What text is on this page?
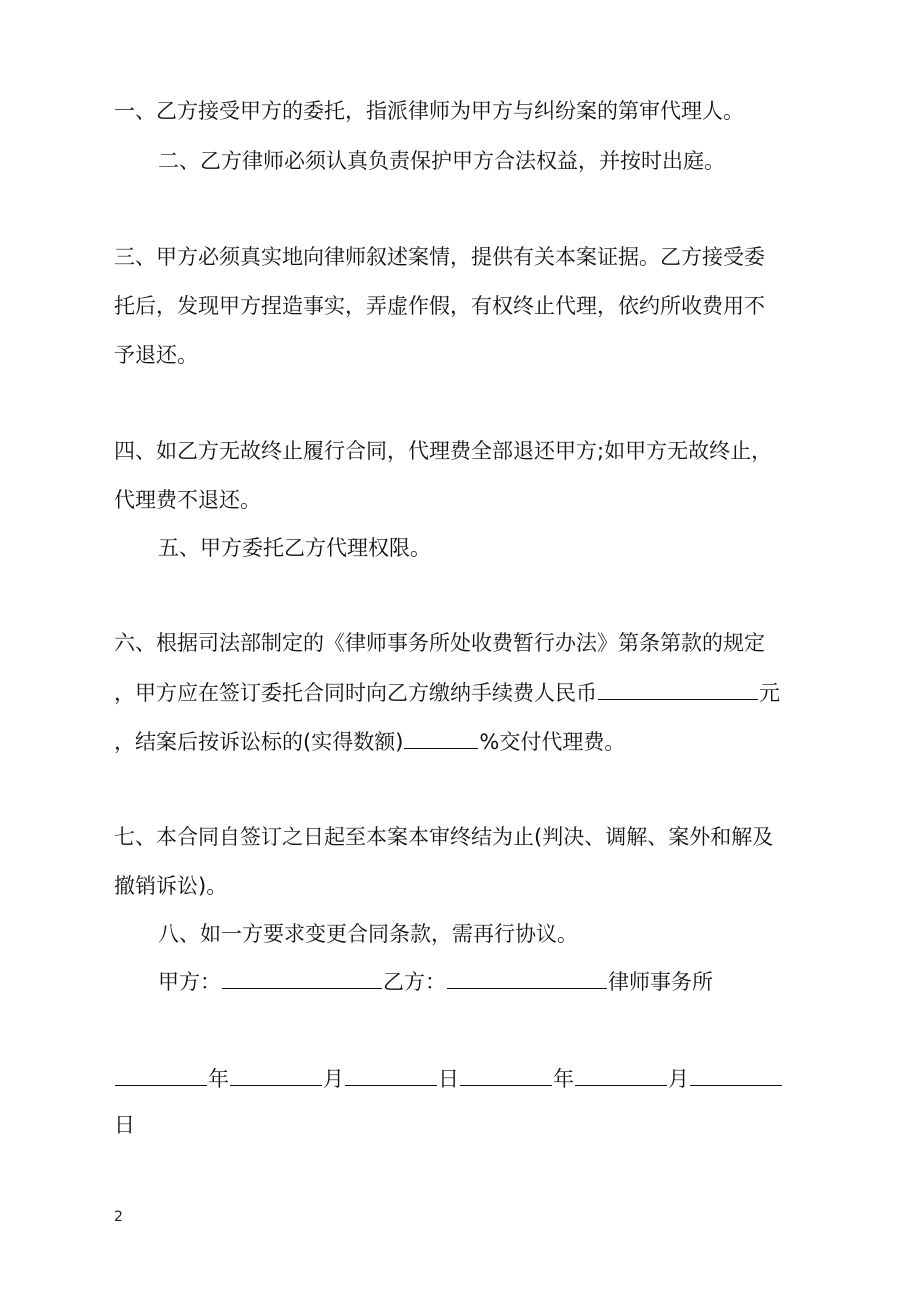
一、乙方接受甲方的委托，指派律师为甲方与纠纷案的第审代理人。
二、乙方律师必须认真负责保护甲方合法权益，并按时出庭。
三、甲方必须真实地向律师叙述案情，提供有关本案证据。乙方接受委
托后，发现甲方捏造事实，弄虚作假，有权终止代理，依约所收费用不
予退还。
四、如乙方无故终止履行合同，代理费全部退还甲方;如甲方无故终止，
代理费不退还。
五、甲方委托乙方代理权限。
六、根据司法部制定的《律师事务所处收费暂行办法》第条第款的规定
，甲方应在签订委托合同时向乙方缴纳手续费人民币	元
，结案后按诉讼标的(实得数额)	%交付代理费。
七、本合同自签订之日起至本案本审终结为止(判决、调解、案外和解及
撤销诉讼)。
八、如一方要求变更合同条款，需再行协议。
甲方：	乙方：	律师事务所
年	月	日	年	月
日
2
